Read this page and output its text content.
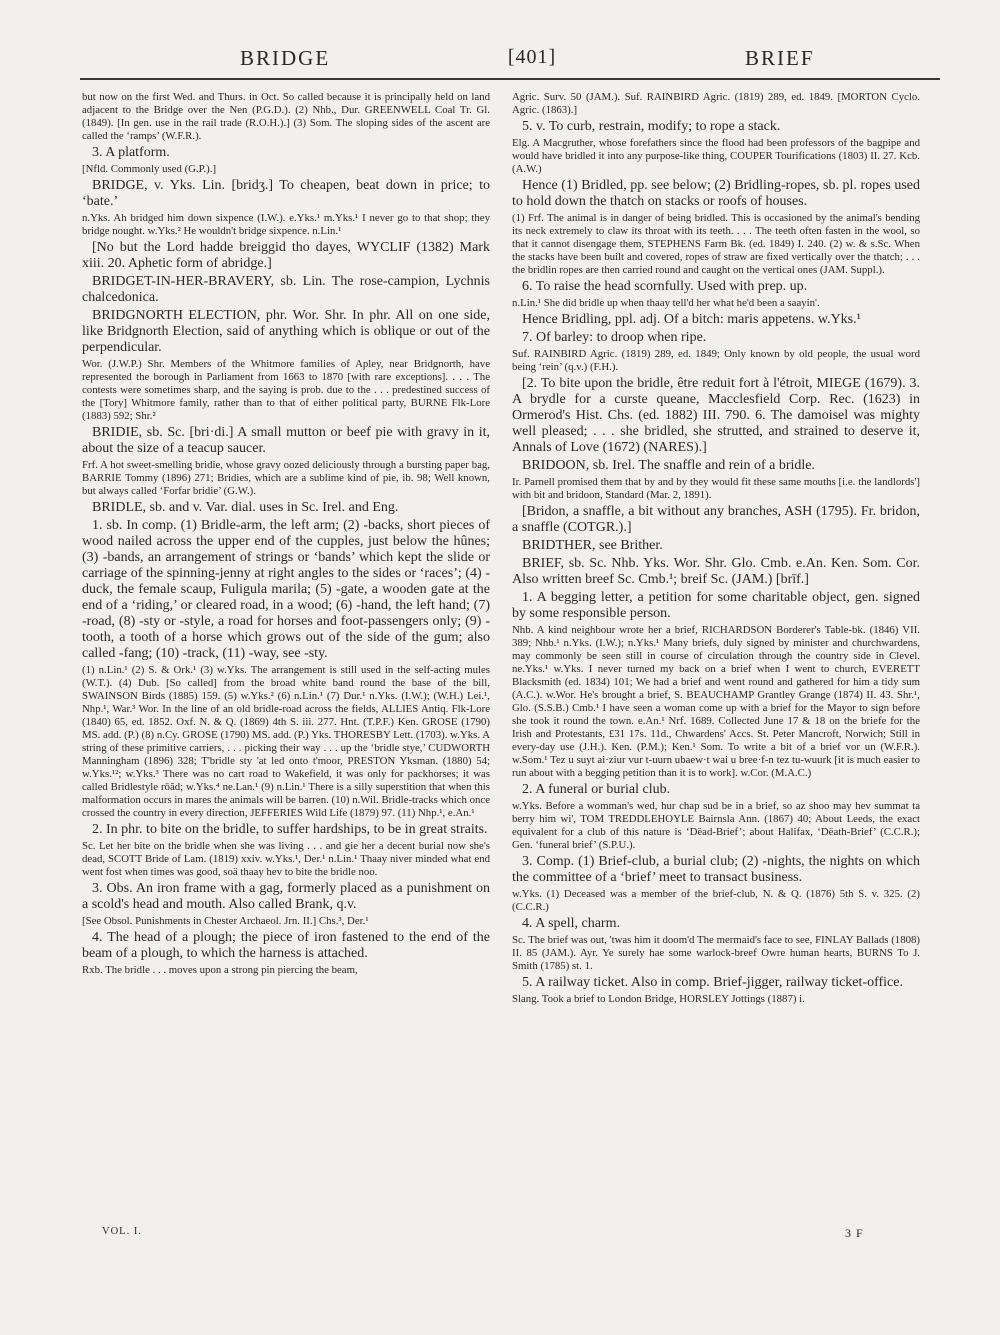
BRIDGE	[401]	BRIEF

but now on the first Wed. and Thurs. in Oct. So called because it is principally held on land adjacent to the Bridge over the Nen (P.G.D.). (2) Nhb., Dur. GREENWELL Coal Tr. Gl. (1849). [In gen. use in the rail trade (R.O.H.).] (3) Som. The sloping sides of the ascent are called the ‘ramps’ (W.F.R.).

3. A platform.

[Nfld. Commonly used (G.P.).]

BRIDGE, v. Yks. Lin. [bridʒ.] To cheapen, beat down in price; to ‘bate.’

n.Yks. Ah bridged him down sixpence (I.W.). e.Yks.¹ m.Yks.¹ I never go to that shop; they bridge nought. w.Yks.² He wouldn't bridge sixpence. n.Lin.¹

[No but the Lord hadde breiggid tho dayes, WYCLIF (1382) Mark xiii. 20. Aphetic form of abridge.]

BRIDGET-IN-HER-BRAVERY, sb. Lin. The rose-campion, Lychnis chalcedonica.

BRIDGNORTH ELECTION, phr. Wor. Shr. In phr. All on one side, like Bridgnorth Election, said of anything which is oblique or out of the perpendicular.

Wor. (J.W.P.) Shr. Members of the Whitmore families of Apley, near Bridgnorth, have represented the borough in Parliament from 1663 to 1870 [with rare exceptions]. . . . The contests were sometimes sharp, and the saying is prob. due to the . . . predestined success of the [Tory] Whitmore family, rather than to that of either political party, BURNE Flk-Lore (1883) 592; Shr.²

BRIDIE, sb. Sc. [bri·di.] A small mutton or beef pie with gravy in it, about the size of a teacup saucer.

Frf. A hot sweet-smelling bridie, whose gravy oozed deliciously through a bursting paper bag, BARRIE Tommy (1896) 271; Bridies, which are a sublime kind of pie, ib. 98; Well known, but always called ‘Forfar bridie’ (G.W.).

BRIDLE, sb. and v. Var. dial. uses in Sc. Irel. and Eng.

1. sb. In comp. (1) Bridle-arm, the left arm; (2) -backs, short pieces of wood nailed across the upper end of the cupples, just below the hûnes; (3) -bands, an arrangement of strings or ‘bands’ which kept the slide or carriage of the spinning-jenny at right angles to the sides or ‘races’; (4) -duck, the female scaup, Fuligula marila; (5) -gate, a wooden gate at the end of a ‘riding,’ or cleared road, in a wood; (6) -hand, the left hand; (7) -road, (8) -sty or -style, a road for horses and foot-passengers only; (9) -tooth, a tooth of a horse which grows out of the side of the gum; also called -fang; (10) -track, (11) -way, see -sty.

(1) n.Lin.¹ (2) S. & Ork.¹ (3) w.Yks. The arrangement is still used in the self-acting mules (W.T.). (4) Dub. [So called] from the broad white band round the base of the bill, SWAINSON Birds (1885) 159. (5) w.Yks.² (6) n.Lin.¹ (7) Dur.¹ n.Yks. (I.W.); (W.H.) Lei.¹, Nhp.¹, War.³ Wor. In the line of an old bridle-road across the fields, ALLIES Antiq. Flk-Lore (1840) 65, ed. 1852. Oxf. N. & Q. (1869) 4th S. iii. 277. Hnt. (T.P.F.) Ken. GROSE (1790) MS. add. (P.) (8) n.Cy. GROSE (1790) MS. add. (P.) Yks. THORESBY Lett. (1703). w.Yks. A string of these primitive carriers, . . . picking their way . . . up the ‘bridle stye,’ CUDWORTH Manningham (1896) 328; T'bridle sty 'at led onto t'moor, PRESTON Yksman. (1880) 54; w.Yks.¹²; w.Yks.³ There was no cart road to Wakefield, it was only for packhorses; it was called Bridlestyle rōăd; w.Yks.⁴ ne.Lan.¹ (9) n.Lin.¹ There is a silly superstition that when this malformation occurs in mares the animals will be barren. (10) n.Wil. Bridle-tracks which once crossed the country in every direction, JEFFERIES Wild Life (1879) 97. (11) Nhp.¹, e.An.¹

2. In phr. to bite on the bridle, to suffer hardships, to be in great straits.

Sc. Let her bite on the bridle when she was living . . . and gie her a decent burial now she's dead, SCOTT Bride of Lam. (1819) xxiv. w.Yks.¹, Der.¹ n.Lin.¹ Thaay niver minded what end went fost when times was good, soä thaay hev to bite the bridle noo.

3. Obs. An iron frame with a gag, formerly placed as a punishment on a scold's head and mouth. Also called Brank, q.v.

[See Obsol. Punishments in Chester Archaeol. Jrn. II.] Chs.³, Der.¹

4. The head of a plough; the piece of iron fastened to the end of the beam of a plough, to which the harness is attached.

Rxb. The bridle . . . moves upon a strong pin piercing the beam,

Agric. Surv. 50 (JAM.). Suf. RAINBIRD Agric. (1819) 289, ed. 1849. [MORTON Cyclo. Agric. (1863).]

5. v. To curb, restrain, modify; to rope a stack.

Elg. A Macgruther, whose forefathers since the flood had been professors of the bagpipe and would have bridled it into any purpose-like thing, COUPER Tourifications (1803) II. 27. Kcb. (A.W.)

Hence (1) Bridled, pp. see below; (2) Bridling-ropes, sb. pl. ropes used to hold down the thatch on stacks or roofs of houses.

(1) Frf. The animal is in danger of being bridled. This is occasioned by the animal's bending its neck extremely to claw its throat with its teeth. . . . The teeth often fasten in the wool, so that it cannot disengage them, STEPHENS Farm Bk. (ed. 1849) I. 240. (2) w. & s.Sc. When the stacks have been built and covered, ropes of straw are fixed vertically over the thatch; . . . the bridlin ropes are then carried round and caught on the vertical ones (JAM. Suppl.).

6. To raise the head scornfully. Used with prep. up.

n.Lin.¹ She did bridle up when thaay tell'd her what he'd been a saayin'.

Hence Bridling, ppl. adj. Of a bitch: maris appetens. w.Yks.¹

7. Of barley: to droop when ripe.

Suf. RAINBIRD Agric. (1819) 289, ed. 1849; Only known by old people, the usual word being ‘rein’ (q.v.) (F.H.).

[2. To bite upon the bridle, être reduit fort à l'étroit, MIEGE (1679). 3. A brydle for a curste queane, Macclesfield Corp. Rec. (1623) in Ormerod's Hist. Chs. (ed. 1882) III. 790. 6. The damoisel was mighty well pleased; . . . she bridled, she strutted, and strained to deserve it, Annals of Love (1672) (NARES).]

BRIDOON, sb. Irel. The snaffle and rein of a bridle.

Ir. Parnell promised them that by and by they would fit these same mouths [i.e. the landlords'] with bit and bridoon, Standard (Mar. 2, 1891).

[Bridon, a snaffle, a bit without any branches, ASH (1795). Fr. bridon, a snaffle (COTGR.).]

BRIDTHER, see Brither.

BRIEF, sb. Sc. Nhb. Yks. Wor. Shr. Glo. Cmb. e.An. Ken. Som. Cor. Also written breef Sc. Cmb.¹; breif Sc. (JAM.) [brīf.]

1. A begging letter, a petition for some charitable object, gen. signed by some responsible person.

Nhb. A kind neighbour wrote her a brief, RICHARDSON Borderer's Table-bk. (1846) VII. 389; Nhb.¹ n.Yks. (I.W.); n.Yks.¹ Many briefs, duly signed by minister and churchwardens, may commonly be seen still in course of circulation through the country side in Clevel. ne.Yks.¹ w.Yks. I never turned my back on a brief when I went to church, EVERETT Blacksmith (ed. 1834) 101; We had a brief and went round and gathered for him a tidy sum (A.C.). w.Wor. He's brought a brief, S. BEAUCHAMP Grantley Grange (1874) II. 43. Shr.¹, Glo. (S.S.B.) Cmb.¹ I have seen a woman come up with a brief for the Mayor to sign before she took it round the town. e.An.¹ Nrf. 1689. Collected June 17 & 18 on the briefe for the Irish and Protestants, £31 17s. 11d., Chwardens' Accs. St. Peter Mancroft, Norwich; Still in every-day use (J.H.). Ken. (P.M.); Ken.¹ Som. To write a bit of a brief vor un (W.F.R.). w.Som.¹ Tez u suyt ai·ziur vur t-uurn ubaew·t wai u bree·f-n tez tu-wuurk [it is much easier to run about with a begging petition than it is to work]. w.Cor. (M.A.C.)

2. A funeral or burial club.

w.Yks. Before a womman's wed, hur chap sud be in a brief, so az shoo may hev summat ta berry him wi', TOM TREDDLEHOYLE Bairnsla Ann. (1867) 40; About Leeds, the exact equivalent for a club of this nature is ‘Dëad-Brief’; about Halifax, ‘Dëath-Brief’ (C.C.R.); Gen. ‘funeral brief’ (S.P.U.).

3. Comp. (1) Brief-club, a burial club; (2) -nights, the nights on which the committee of a ‘brief’ meet to transact business.

w.Yks. (1) Deceased was a member of the brief-club, N. & Q. (1876) 5th S. v. 325. (2) (C.C.R.)

4. A spell, charm.

Sc. The brief was out, 'twas him it doom'd The mermaid's face to see, FINLAY Ballads (1808) II. 85 (JAM.). Ayr. Ye surely hae some warlock-breef Owre human hearts, BURNS To J. Smith (1785) st. 1.

5. A railway ticket. Also in comp. Brief-jigger, railway ticket-office.

Slang. Took a brief to London Bridge, HORSLEY Jottings (1887) i.

VOL. I.	3 F
